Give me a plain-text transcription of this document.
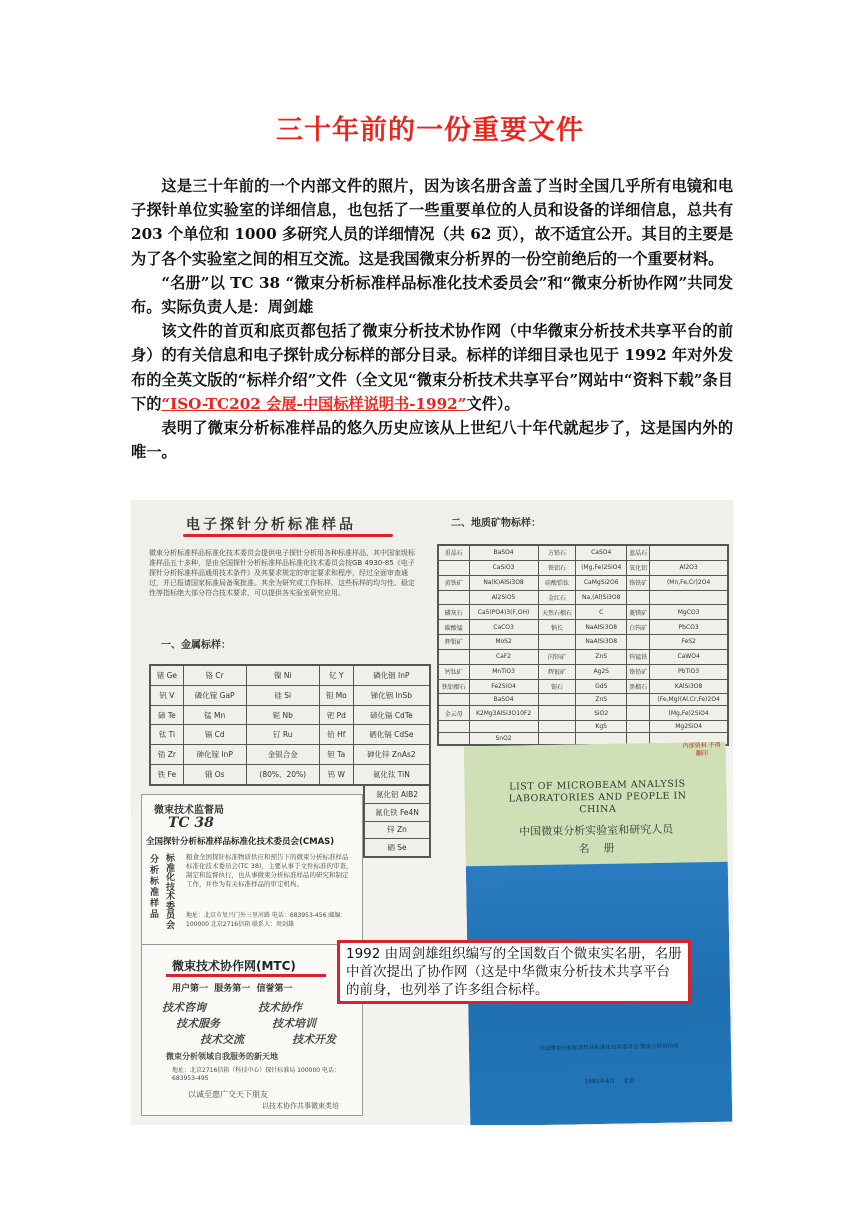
三十年前的一份重要文件

这是三十年前的一个内部文件的照片，因为该名册含盖了当时全国几乎所有电镜和电子探针单位实验室的详细信息，也包括了一些重要单位的人员和设备的详细信息，总共有 203 个单位和 1000 多研究人员的详细情况（共 62 页），故不适宜公开。其目的主要是为了各个实验室之间的相互交流。这是我国微束分析界的一份空前绝后的一个重要材料。

“名册”以 TC 38 “微束分析标准样品标准化技术委员会”和“微束分析协作网”共同发布。实际负责人是：周剑雄

该文件的首页和底页都包括了微束分析技术协作网（中华微束分析技术共享平台的前身）的有关信息和电子探针成分标样的部分目录。标样的详细目录也见于 1992 年对外发布的全英文版的“标样介绍”文件（全文见“微束分析技术共享平台”网站中“资料下载”条目下的“ISO-TC202 会展-中国标样说明书-1992”文件）。

表明了微束分析标准样品的悠久历史应该从上世纪八十年代就起步了，这是国内外的唯一。

电子探针分析标准样品
微束分析标准样品标准化技术委员会提供电子探针分析用各种标准样品，其中国家级标准样品五十多种，是由全国探针分析标准样品标准化技术委员会按GB 4930-85《电子探针分析标准样品通用技术条件》及其要求规定的审定要求和程序，经过全面审查通过，并已报请国家标准局备案批准。其余为研究或工作标样，这些标样的均匀性、稳定性等指标绝大部分符合技术要求，可以提供各实验室研究应用。
一、金属标样：
锗 Ge	铬 Cr	镍 Ni	钇 Y	磷化铟 InP
钒 V	磷化镓 GaP	硅 Si	钼 Mo	锑化铟 InSb
碲 Te	锰 Mn	铌 Nb	钯 Pd	碲化镉 CdTe
钛 Ti	镉 Cd	钌 Ru	铪 Hf	硒化镉 CdSe
锆 Zr	砷化镓 InP	金银合金	钽 Ta	砷化锌 ZnAs2
铁 Fe	锇 Os	(80%、20%)	钨 W	氮化钛 TiN
二、地质矿物标样：
重晶石	BaSO4	方铅石	CaSO4	蓝晶石	
	CaSiO3	铁铝石	(Mg,Fe)2SiO4	氧化铝	Al2O3
黄铁矿	Na(K)AlSi3O8	硅酸锆钛	CaMgSi2O6	铬铁矿	(Mn,Fe,Cr)2O4
	Al2SiO5	金红石	Na,(Al)Si3O8		
磷灰石	Ca5(PO4)3(F,OH)	天然石榴石	C	菱镁矿	MgCO3
碳酸锰	CaCO3	钠长	NaAlSi3O8	白钨矿	PbCO3
辉钼矿	MoS2		NaAlSi3O8		FeS2
	CaF2	闪锌矿	ZnS	钨锰铁	CaWO4
钙钛矿	MnTiO3	辉银矿	Ag2S	铬铅矿	PbTiO3
铁铝榴石	Fe2SiO4	锡石	GdS	黑榴石	KAlSi3O8
	BaSO4		ZnS		(Fe,Mg)(Al,Cr,Fe)2O4
金云母	K2Mg3AlSi3O10F2		SiO2		(Mg,Fe)2SiO4
			KgS		Mg2SiO4
	SnO2				
氮化铝 AlB2
氮化铁 Fe4N
锌 Zn
硒 Se
微束技术监督局
TC 38
全国探针分析标准样品标准化技术委员会(CMAS)
分析标准样品
标准化技术委员会
粮食全国探针标准物质供应和预告下的微束分析标准样品标准化技术委员会(TC 38)，主要从事于文件标准的审查，制定和监督执行，也从事微束分析标准样品的研究和制定工作，并作为有关标准样品的审定机构。
地址：北京市复兴门外三里河路 电话：683953-456 邮编：100000 北京2716信箱 联系人：周剑雄
微束技术协作网(MTC)
用户第一  服务第一  信誉第一
技术咨询	技术协作
技术服务	技术培训
技术交流	技术开发
微束分析领域自我服务的新天地
地址：北京2716信箱（科技中心）探针标准局 100000 电话：683953-495
以诚至惠广交天下朋友
以技术协作共事微束类培
内部资料 不得翻印
LIST OF MICROBEAM ANALYSIS LABORATORIES AND PEOPLE IN CHINA
中国微束分析实验室和研究人员
名    册
全国微束分析标准样品标准化技术委员会 微束分析协作网
1992年4月    北京
1992 由周剑雄组织编写的全国数百个微束实名册，名册中首次提出了协作网（这是中华微束分析技术共享平台的前身，也列举了许多组合标样。
